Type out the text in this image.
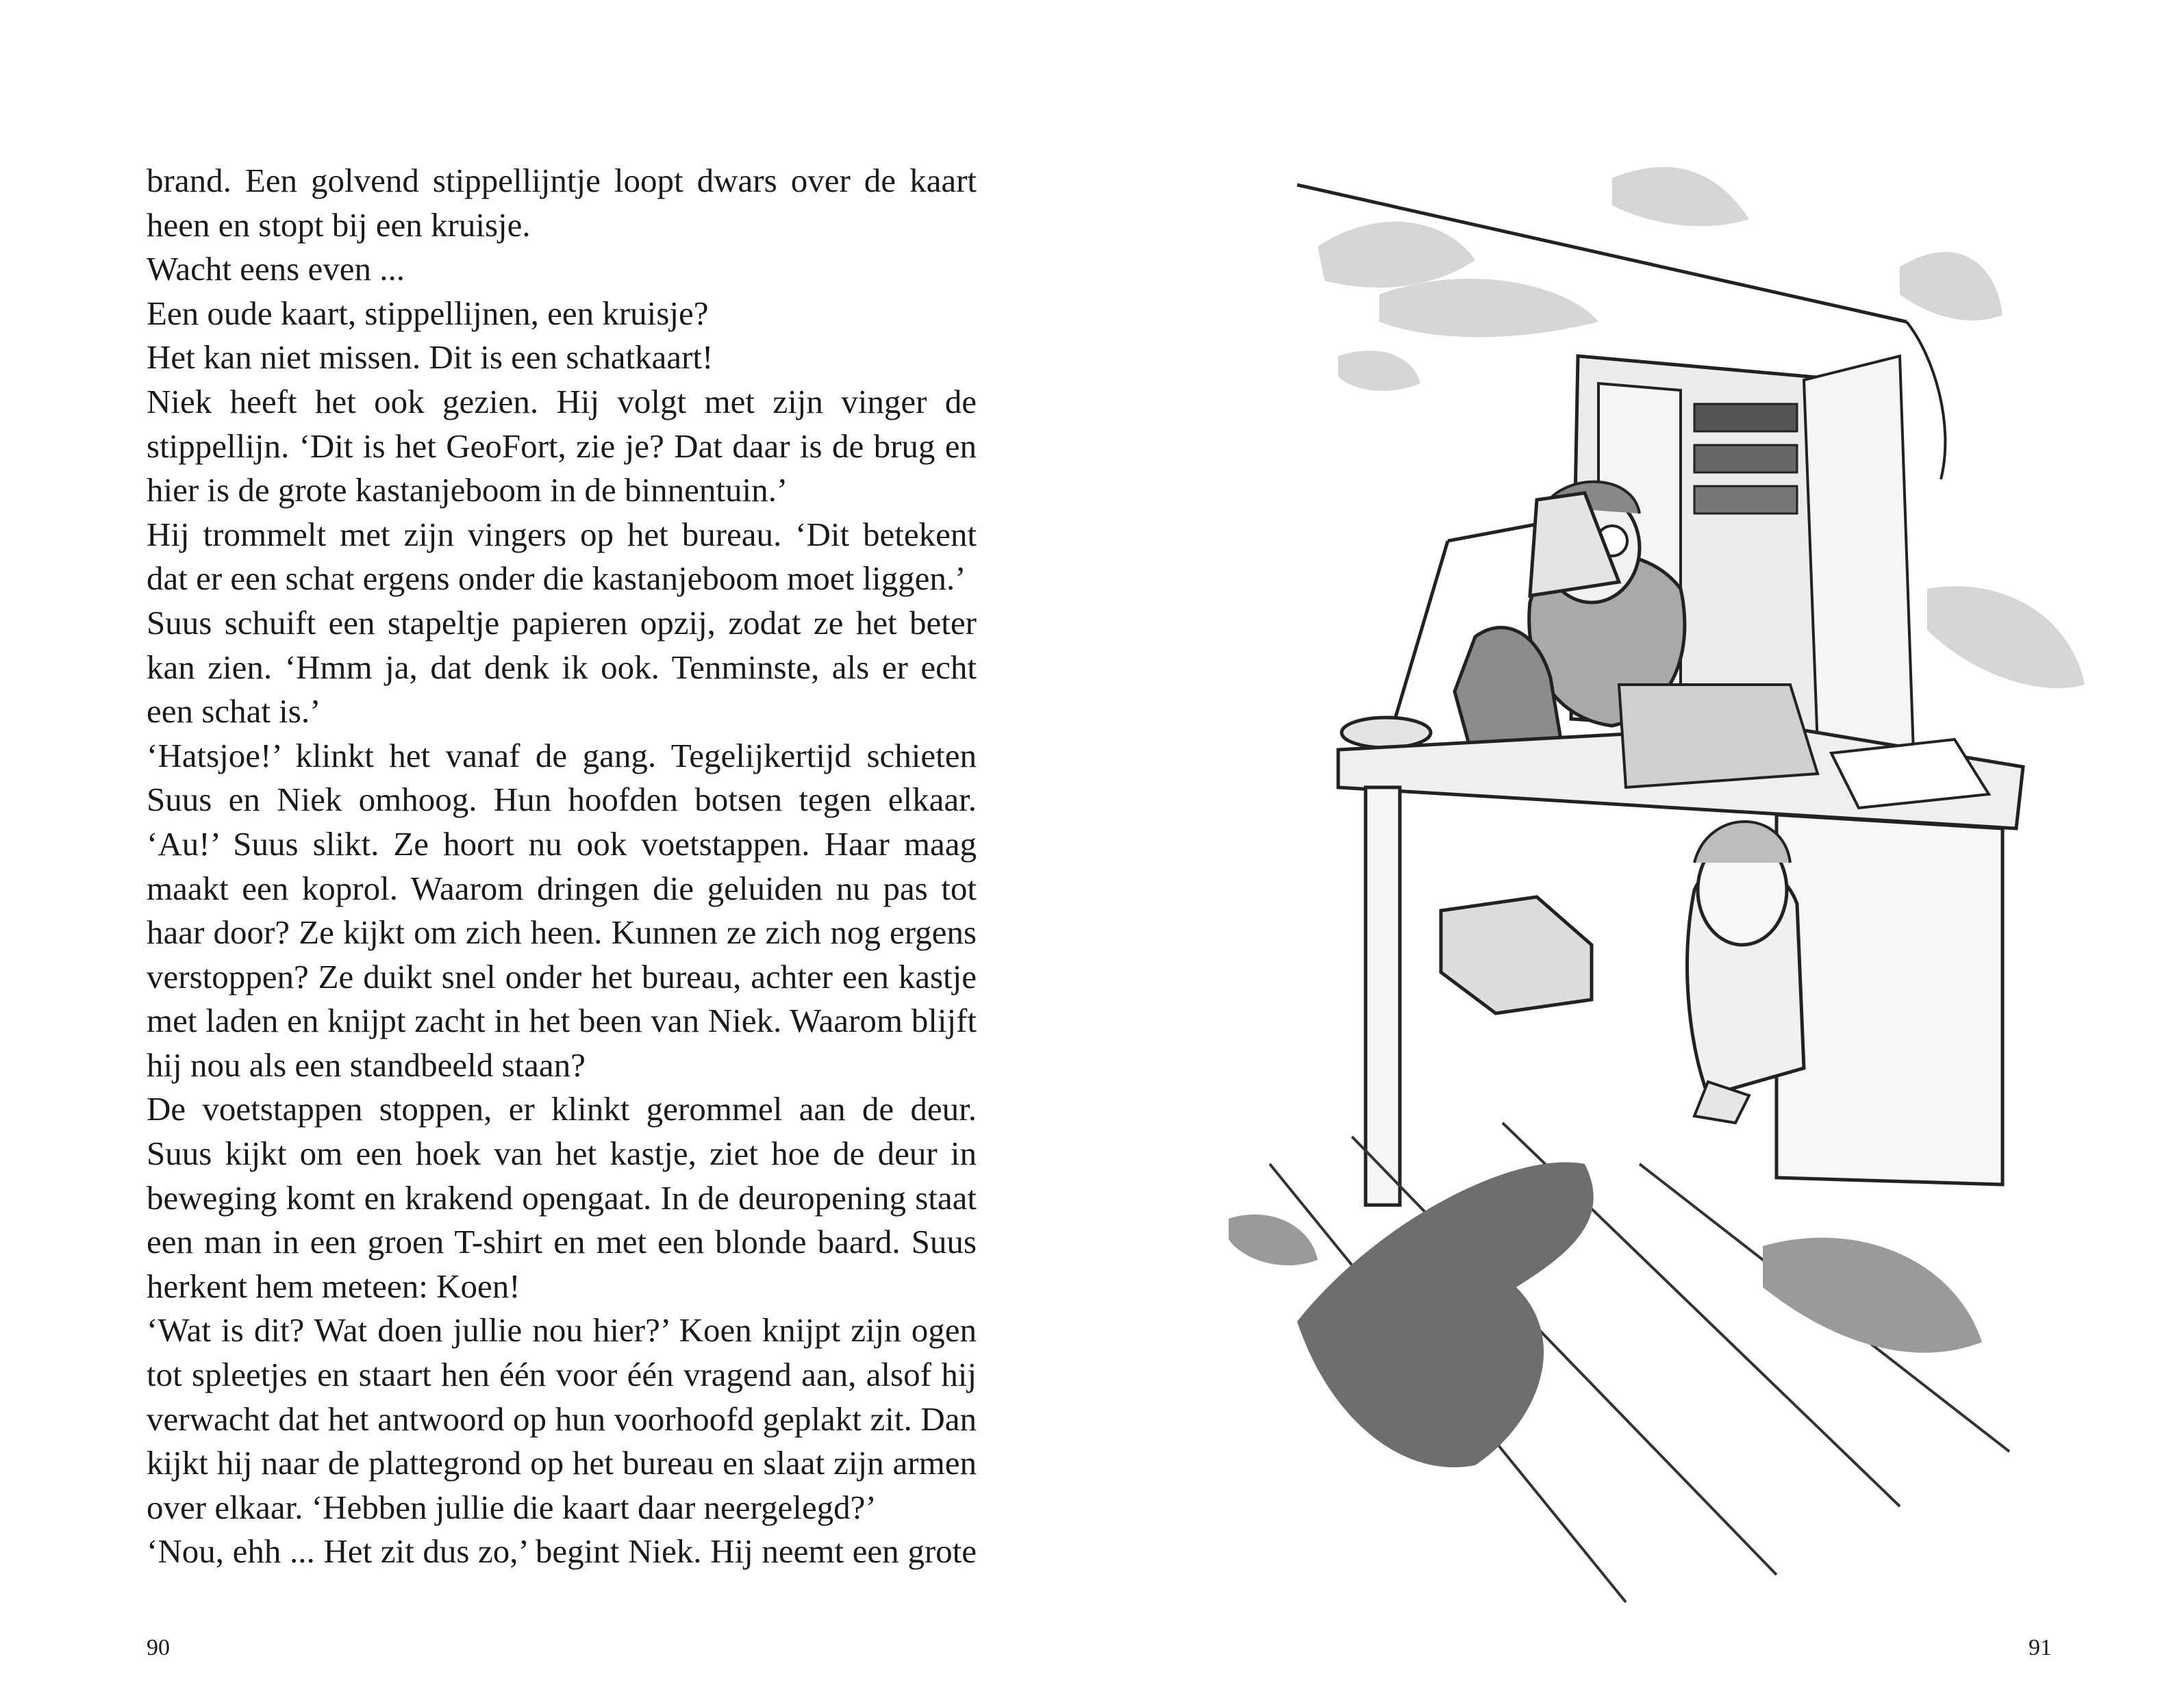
brand. Een golvend stippellijntje loopt dwars over de kaart heen en stopt bij een kruisje.

Wacht eens even ...

Een oude kaart, stippellijnen, een kruisje?

Het kan niet missen. Dit is een schatkaart!

Niek heeft het ook gezien. Hij volgt met zijn vinger de stippellijn. ‘Dit is het GeoFort, zie je? Dat daar is de brug en hier is de grote kastanjeboom in de binnentuin.’

Hij trommelt met zijn vingers op het bureau. ‘Dit betekent dat er een schat ergens onder die kastanjeboom moet liggen.’

Suus schuift een stapeltje papieren opzij, zodat ze het beter kan zien. ‘Hmm ja, dat denk ik ook. Tenminste, als er echt een schat is.’

‘Hatsjoe!’ klinkt het vanaf de gang. Tegelijkertijd schieten Suus en Niek omhoog. Hun hoofden botsen tegen elkaar. ‘Au!’ Suus slikt. Ze hoort nu ook voetstappen. Haar maag maakt een koprol. Waarom dringen die geluiden nu pas tot haar door? Ze kijkt om zich heen. Kunnen ze zich nog ergens verstoppen? Ze duikt snel onder het bureau, achter een kastje met laden en knijpt zacht in het been van Niek. Waarom blijft hij nou als een standbeeld staan?

De voetstappen stoppen, er klinkt gerommel aan de deur. Suus kijkt om een hoek van het kastje, ziet hoe de deur in beweging komt en krakend opengaat. In de deuropening staat een man in een groen T-shirt en met een blonde baard. Suus herkent hem meteen: Koen!

‘Wat is dit? Wat doen jullie nou hier?’ Koen knijpt zijn ogen tot spleetjes en staart hen één voor één vragend aan, alsof hij verwacht dat het antwoord op hun voorhoofd geplakt zit. Dan kijkt hij naar de plattegrond op het bureau en slaat zijn armen over elkaar. ‘Hebben jullie die kaart daar neergelegd?’

‘Nou, ehh ... Het zit dus zo,’ begint Niek. Hij neemt een grote

90	91
